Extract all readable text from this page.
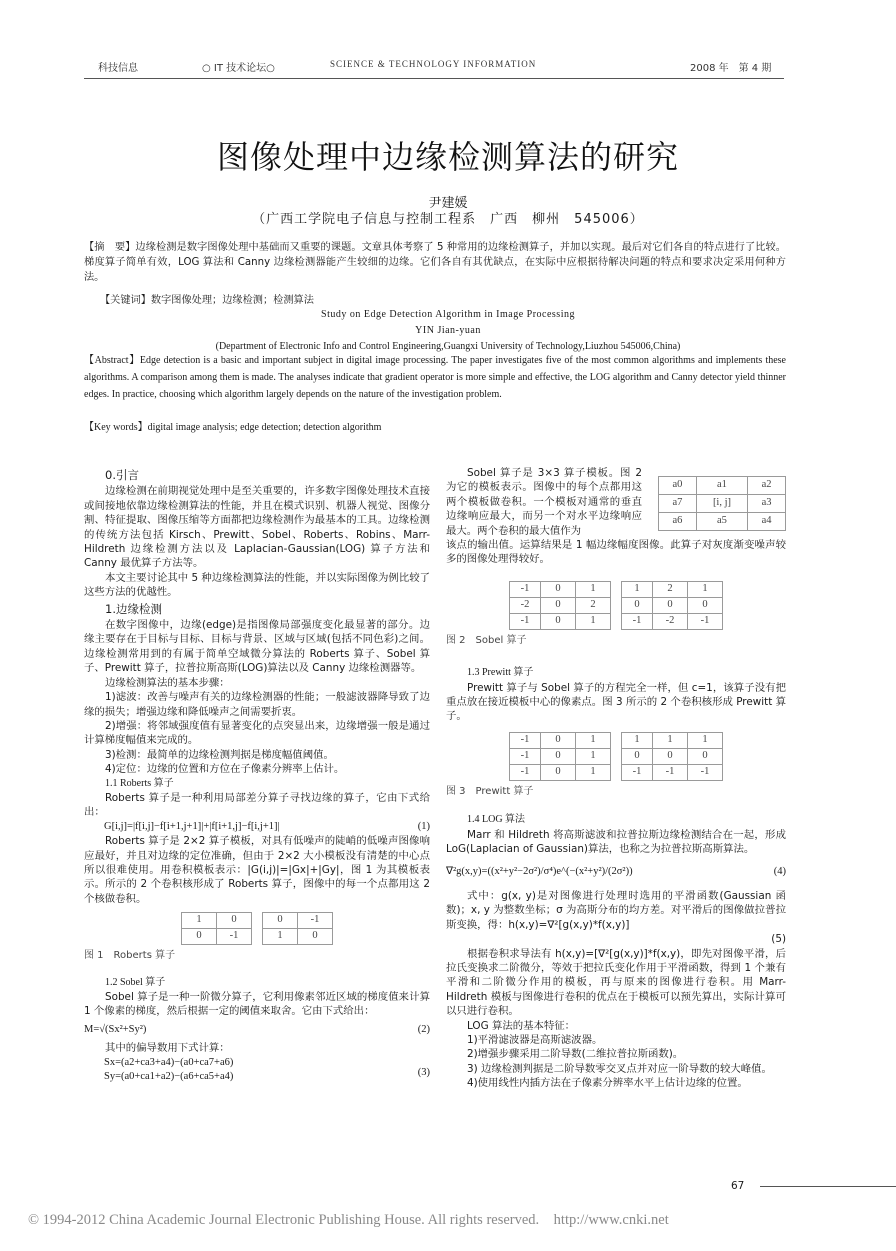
科技信息	○ IT 技术论坛○	SCIENCE & TECHNOLOGY INFORMATION	2008 年　第 4 期
图像处理中边缘检测算法的研究
尹建媛
（广西工学院电子信息与控制工程系　广西　柳州　545006）
【摘　要】边缘检测是数字图像处理中基础而又重要的课题。文章具体考察了 5 种常用的边缘检测算子，并加以实现。最后对它们各自的特点进行了比较。梯度算子简单有效，LOG 算法和 Canny 边缘检测器能产生较细的边缘。它们各自有其优缺点，在实际中应根据待解决问题的特点和要求决定采用何种方法。
【关键词】数字图像处理；边缘检测；检测算法
Study on Edge Detection Algorithm in Image Processing
YIN Jian-yuan
(Department of Electronic Info and Control Engineering,Guangxi University of Technology,Liuzhou 545006,China)
【Abstract】Edge detection is a basic and important subject in digital image processing. The paper investigates five of the most common algorithms and implements these algorithms. A comparison among them is made. The analyses indicate that gradient operator is more simple and effective, the LOG algorithm and Canny detector yield thinner edges. In practice, choosing which algorithm largely depends on the nature of the investigation problem.
【Key words】digital image analysis; edge detection; detection algorithm

0.引言

边缘检测在前期视觉处理中是至关重要的，许多数字图像处理技术直接或间接地依靠边缘检测算法的性能，并且在模式识别、机器人视觉、图像分割、特征提取、图像压缩等方面都把边缘检测作为最基本的工具。边缘检测的传统方法包括 Kirsch、Prewitt、Sobel、Roberts、Robins、Marr-Hildreth 边缘检测方法以及 Laplacian-Gaussian(LOG) 算子方法和 Canny 最优算子方法等。

本文主要讨论其中 5 种边缘检测算法的性能，并以实际图像为例比较了这些方法的优越性。

1.边缘检测

在数字图像中，边缘(edge)是指图像局部强度变化最显著的部分。边缘主要存在于目标与目标、目标与背景、区域与区域(包括不同色彩)之间。边缘检测常用到的有属于简单空域微分算法的 Roberts 算子、Sobel 算子、Prewitt 算子，拉普拉斯高斯(LOG)算法以及 Canny 边缘检测器等。

边缘检测算法的基本步骤：

1)滤波：改善与噪声有关的边缘检测器的性能；一般滤波器降导致了边缘的损失；增强边缘和降低噪声之间需要折衷。

2)增强：将邻域强度值有显著变化的点突显出来，边缘增强一般是通过计算梯度幅值来完成的。

3)检测：最简单的边缘检测判据是梯度幅值阈值。

4)定位：边缘的位置和方位在子像素分辨率上估计。

1.1 Roberts 算子

Roberts 算子是一种利用局部差分算子寻找边缘的算子，它由下式给出：

G[i,j]=|f[i,j]−f[i+1,j+1]|+|f[i+1,j]−f[i,j+1]|	(1)

Roberts 算子是 2×2 算子模板，对具有低噪声的陡峭的低噪声图像响应最好，并且对边缘的定位准确，但由于 2×2 大小模板没有清楚的中心点所以很难使用。用卷积模板表示：|G(i,j)|=|Gx|+|Gy|，图 1 为其模板表示。所示的 2 个卷积核形成了 Roberts 算子，图像中的每一个点都用这 2 个核做卷积。

1	0
0	-1
0	-1
1	0

图 1　Roberts 算子

1.2 Sobel 算子

Sobel 算子是一种一阶微分算子，它利用像素邻近区域的梯度值来计算 1 个像素的梯度，然后根据一定的阈值来取舍。它由下式给出：

M=√(Sx²+Sy²)	(2)

其中的偏导数用下式计算：

Sx=(a2+ca3+a4)−(a0+ca7+a6)
Sy=(a0+ca1+a2)−(a6+ca5+a4)	(3)

Sobel 算子是 3×3 算子模板。图 2 为它的模板表示。图像中的每个点都用这两个模板做卷积。一个模板对通常的垂直边缘响应最大，而另一个对水平边缘响应最大。两个卷积的最大值作为

a0	a1	a2
a7	[i, j]	a3
a6	a5	a4

该点的输出值。运算结果是 1 幅边缘幅度图像。此算子对灰度渐变噪声较多的图像处理得较好。

-1	0	1
-2	0	2
-1	0	1
1	2	1
0	0	0
-1	-2	-1

图 2　Sobel 算子

1.3 Prewitt 算子

Prewitt 算子与 Sobel 算子的方程完全一样，但 c=1，该算子没有把重点放在接近模板中心的像素点。图 3 所示的 2 个卷积核形成 Prewitt 算子。

-1	0	1
-1	0	1
-1	0	1
1	1	1
0	0	0
-1	-1	-1

图 3　Prewitt 算子

1.4 LOG 算法

Marr 和 Hildreth 将高斯滤波和拉普拉斯边缘检测结合在一起，形成 LoG(Laplacian of Gaussian)算法，也称之为拉普拉斯高斯算法。

∇²g(x,y)=((x²+y²−2σ²)/σ⁴)e^(−(x²+y²)/(2σ²))	(4)

式中：g(x, y)是对图像进行处理时选用的平滑函数(Gaussian 函数)；x, y 为整数坐标；σ 为高斯分布的均方差。对平滑后的图像做拉普拉斯变换，得：h(x,y)=∇²[g(x,y)*f(x,y)]

(5)

根据卷积求导法有 h(x,y)=[∇²[g(x,y)]*f(x,y)，即先对图像平滑，后拉氏变换求二阶微分，等效于把拉氏变化作用于平滑函数，得到 1 个兼有平滑和二阶微分作用的模板，再与原来的图像进行卷积。用 Marr-Hildreth 模板与图像进行卷积的优点在于模板可以预先算出，实际计算可以只进行卷积。

LOG 算法的基本特征：

1)平滑滤波器是高斯滤波器。

2)增强步骤采用二阶导数(二维拉普拉斯函数)。

3) 边缘检测判据是二阶导数零交叉点并对应一阶导数的较大峰值。

4)使用线性内插方法在子像素分辨率水平上估计边缘的位置。

67
© 1994-2012 China Academic Journal Electronic Publishing House. All rights reserved.　http://www.cnki.net
